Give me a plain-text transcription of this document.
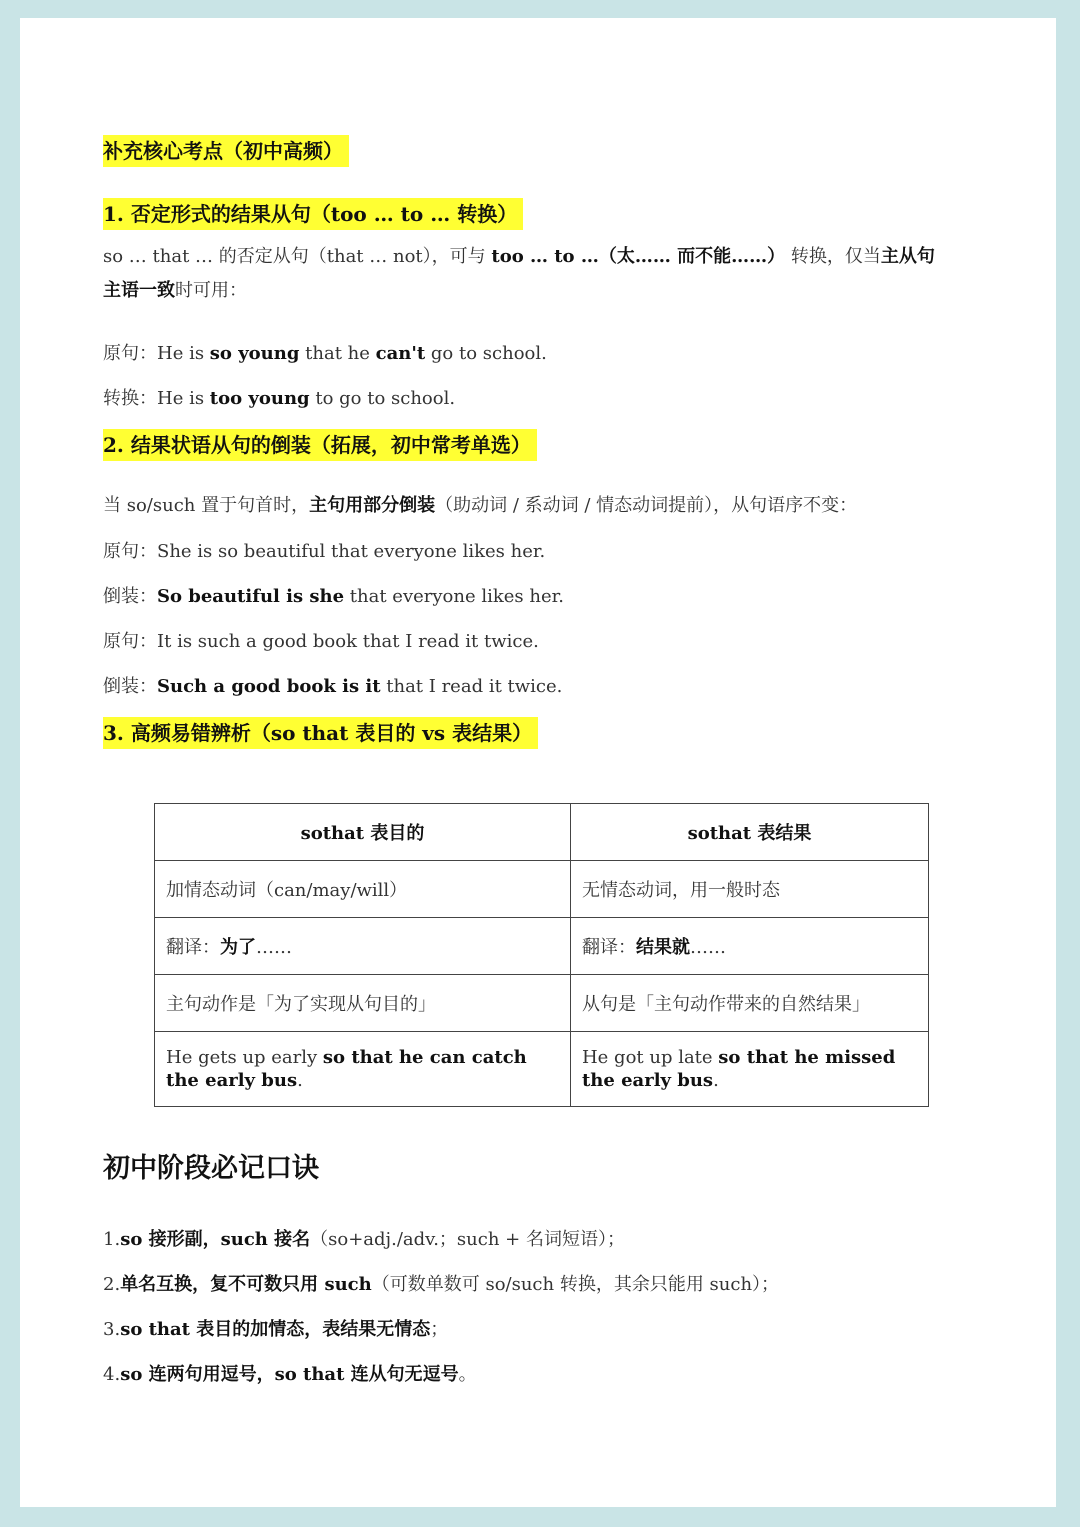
补充核心考点（初中高频）
1. 否定形式的结果从句（too … to … 转换）
so … that … 的否定从句（that … not），可与 too … to …（太…… 而不能……） 转换，仅当主从句
主语一致时可用：
原句：He is so young that he can't go to school.
转换：He is too young to go to school.
2. 结果状语从句的倒装（拓展，初中常考单选）
当 so/such 置于句首时，主句用部分倒装（助动词 / 系动词 / 情态动词提前），从句语序不变：
原句：She is so beautiful that everyone likes her.
倒装：So beautiful is she that everyone likes her.
原句：It is such a good book that I read it twice.
倒装：Such a good book is it that I read it twice.
3. 高频易错辨析（so that 表目的 vs 表结果）
sothat 表目的	sothat 表结果
加情态动词（can/may/will）	无情态动词，用一般时态
翻译：为了……	翻译：结果就……
主句动作是「为了实现从句目的」	从句是「主句动作带来的自然结果」
He gets up early so that he can catch the early bus.	He got up late so that he missed the early bus.
初中阶段必记口诀
1.so 接形副，such 接名（so+adj./adv.；such + 名词短语）；
2.单名互换，复不可数只用 such（可数单数可 so/such 转换，其余只能用 such）；
3.so that 表目的加情态，表结果无情态；
4.so 连两句用逗号，so that 连从句无逗号。
